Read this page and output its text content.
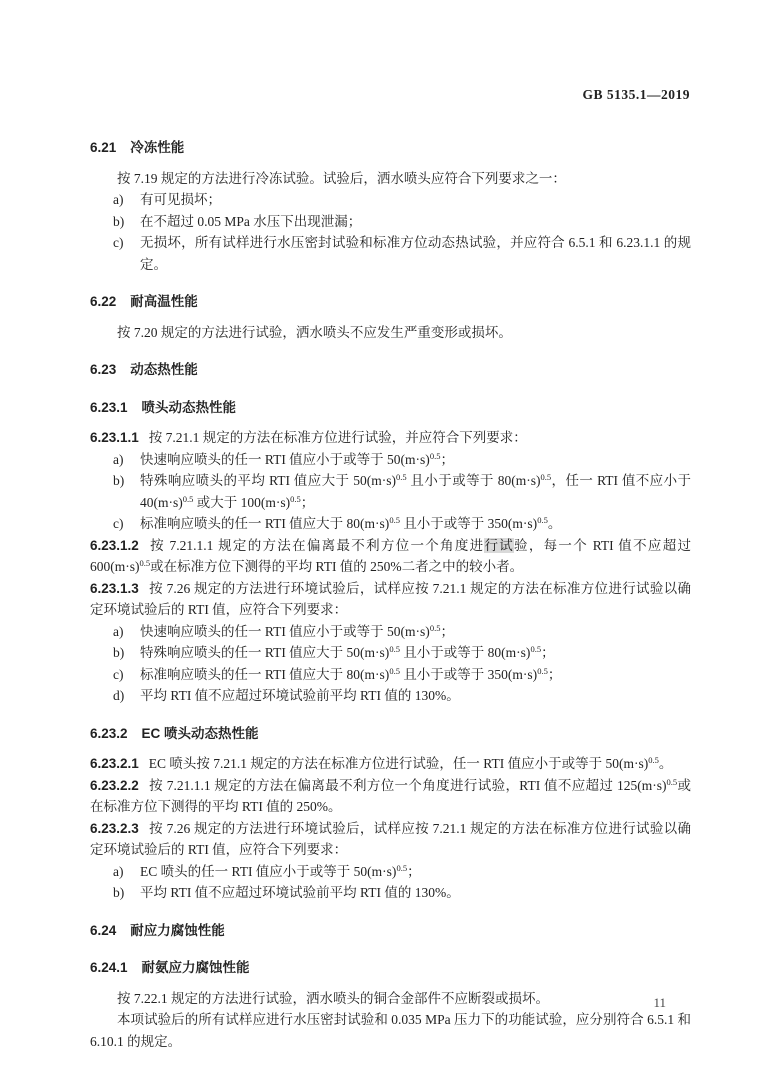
GB 5135.1—2019
6.21 冷冻性能
按 7.19 规定的方法进行冷冻试验。试验后，洒水喷头应符合下列要求之一：
a) 有可见损坏；
b) 在不超过 0.05 MPa 水压下出现泄漏；
c) 无损坏，所有试样进行水压密封试验和标准方位动态热试验，并应符合 6.5.1 和 6.23.1.1 的规定。
6.22 耐高温性能
按 7.20 规定的方法进行试验，洒水喷头不应发生严重变形或损坏。
6.23 动态热性能
6.23.1 喷头动态热性能
6.23.1.1 按 7.21.1 规定的方法在标准方位进行试验，并应符合下列要求：
a) 快速响应喷头的任一 RTI 值应小于或等于 $50(m\cdot s)^{0.5}$；
b) 特殊响应喷头的平均 RTI 值应大于 $50(m\cdot s)^{0.5}$ 且小于或等于 $80(m\cdot s)^{0.5}$，任一 RTI 值不应小于 $40(m\cdot s)^{0.5}$ 或大于 $100(m\cdot s)^{0.5}$；
c) 标准响应喷头的任一 RTI 值应大于 $80(m\cdot s)^{0.5}$ 且小于或等于 $350(m\cdot s)^{0.5}$。
6.23.1.2 按 7.21.1.1 规定的方法在偏离最不利方位一个角度进行试验，每一个 RTI 值不应超过 $600(m\cdot s)^{0.5}$或在标准方位下测得的平均 RTI 值的 250%二者之中的较小者。
6.23.1.3 按 7.26 规定的方法进行环境试验后，试样应按 7.21.1 规定的方法在标准方位进行试验以确定环境试验后的 RTI 值，应符合下列要求：
a) 快速响应喷头的任一 RTI 值应小于或等于 $50(m\cdot s)^{0.5}$；
b) 特殊响应喷头的任一 RTI 值应大于 $50(m\cdot s)^{0.5}$ 且小于或等于 $80(m\cdot s)^{0.5}$；
c) 标准响应喷头的任一 RTI 值应大于 $80(m\cdot s)^{0.5}$ 且小于或等于 $350(m\cdot s)^{0.5}$；
d) 平均 RTI 值不应超过环境试验前平均 RTI 值的 130%。
6.23.2 EC 喷头动态热性能
6.23.2.1 EC 喷头按 7.21.1 规定的方法在标准方位进行试验，任一 RTI 值应小于或等于 $50(m\cdot s)^{0.5}$。
6.23.2.2 按 7.21.1.1 规定的方法在偏离最不利方位一个角度进行试验，RTI 值不应超过 $125(m\cdot s)^{0.5}$或在标准方位下测得的平均 RTI 值的 250%。
6.23.2.3 按 7.26 规定的方法进行环境试验后，试样应按 7.21.1 规定的方法在标准方位进行试验以确定环境试验后的 RTI 值，应符合下列要求：
a) EC 喷头的任一 RTI 值应小于或等于 $50(m\cdot s)^{0.5}$；
b) 平均 RTI 值不应超过环境试验前平均 RTI 值的 130%。
6.24 耐应力腐蚀性能
6.24.1 耐氨应力腐蚀性能
按 7.22.1 规定的方法进行试验，洒水喷头的铜合金部件不应断裂或损坏。
本项试验后的所有试样应进行水压密封试验和 0.035 MPa 压力下的功能试验，应分别符合 6.5.1 和 6.10.1 的规定。
11
